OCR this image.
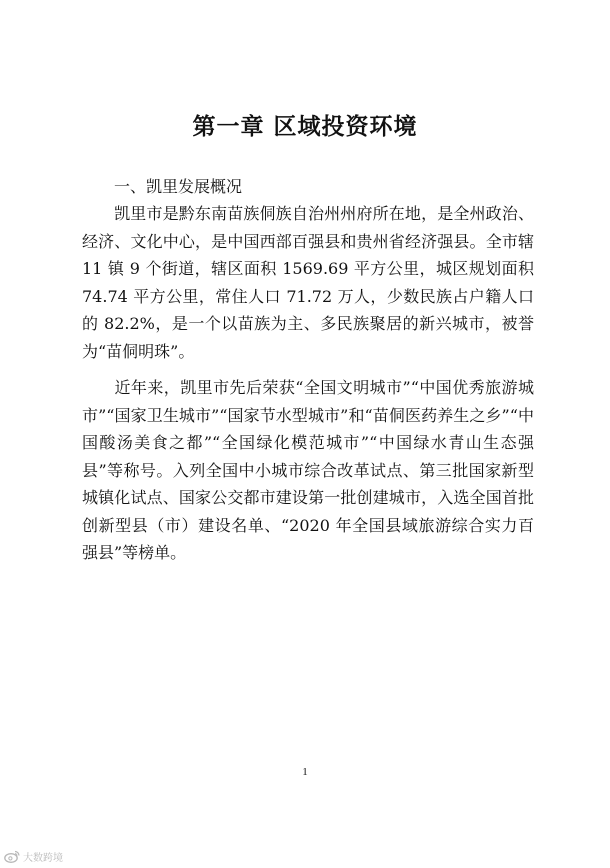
第一章 区域投资环境
一、凯里发展概况

凯里市是黔东南苗族侗族自治州州府所在地，是全州政治、经济、文化中心，是中国西部百强县和贵州省经济强县。全市辖 11 镇 9 个街道，辖区面积 1569.69 平方公里，城区规划面积 74.74 平方公里，常住人口 71.72 万人，少数民族占户籍人口的 82.2%，是一个以苗族为主、多民族聚居的新兴城市，被誉为“苗侗明珠”。

近年来，凯里市先后荣获“全国文明城市”“中国优秀旅游城市”“国家卫生城市”“国家节水型城市”和“苗侗医药养生之乡”“中国酸汤美食之都”“全国绿化模范城市”“中国绿水青山生态强县”等称号。入列全国中小城市综合改革试点、第三批国家新型城镇化试点、国家公交都市建设第一批创建城市，入选全国首批创新型县（市）建设名单、“2020 年全国县域旅游综合实力百强县”等榜单。

1
大数跨境
